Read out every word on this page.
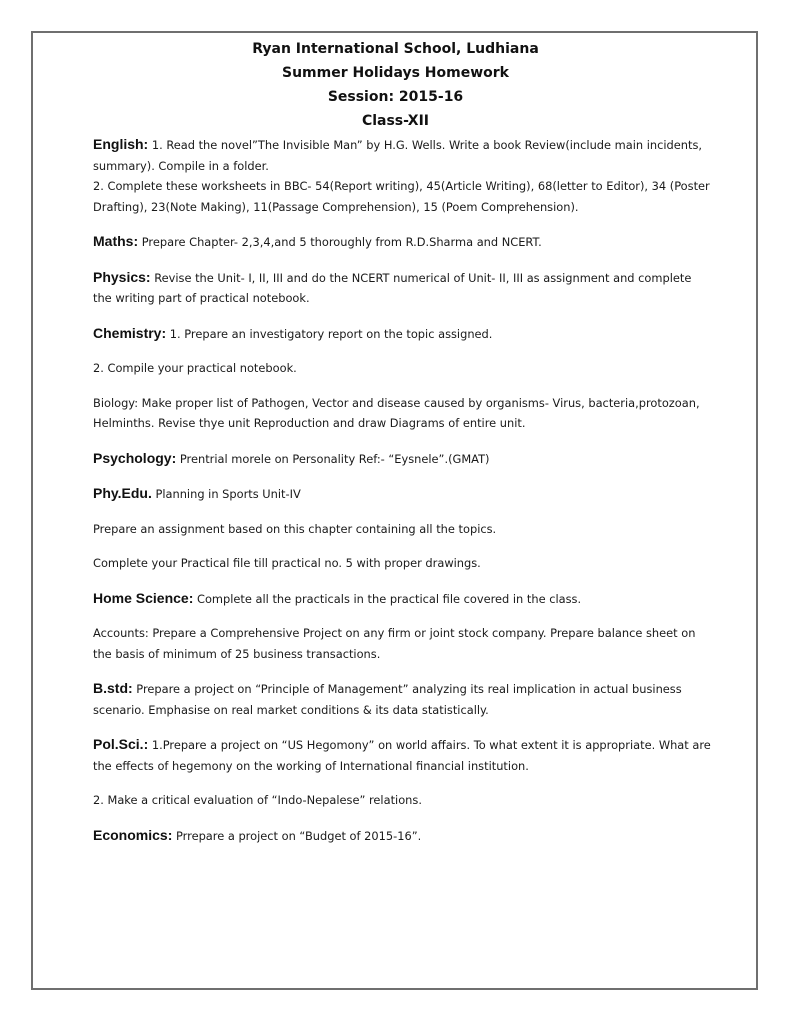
Ryan International School, Ludhiana
Summer Holidays Homework
Session: 2015-16
Class-XII

English: 1. Read the novel”The Invisible Man” by H.G. Wells. Write a book Review(include main incidents, summary). Compile in a folder.

2. Complete these worksheets in BBC- 54(Report writing), 45(Article Writing), 68(letter to Editor), 34 (Poster Drafting), 23(Note Making), 11(Passage Comprehension), 15 (Poem Comprehension).

Maths: Prepare Chapter- 2,3,4,and 5 thoroughly from R.D.Sharma and NCERT.

Physics: Revise the Unit- I, II, III and do the NCERT numerical of Unit- II, III as assignment and complete the writing part of practical notebook.

Chemistry: 1. Prepare an investigatory report on the topic assigned.

2. Compile your practical notebook.

Biology: Make proper list of Pathogen, Vector and disease caused by organisms- Virus, bacteria,protozoan, Helminths. Revise thye unit Reproduction and draw Diagrams of entire unit.

Psychology: Prentrial morele on Personality Ref:- “Eysnele”.(GMAT)

Phy.Edu. Planning in Sports Unit-IV

Prepare an assignment based on this chapter containing all the topics.

Complete your Practical file till practical no. 5 with proper drawings.

Home Science: Complete all the practicals in the practical file covered in the class.

Accounts: Prepare a Comprehensive Project on any firm or joint stock company. Prepare balance sheet on the basis of minimum of 25 business transactions.

B.std: Prepare a project on “Principle of Management” analyzing its real implication in actual business scenario. Emphasise on real market conditions & its data statistically.

Pol.Sci.: 1.Prepare a project on “US Hegomony” on world affairs. To what extent it is appropriate. What are the effects of hegemony on the working of International financial institution.

2. Make a critical evaluation of “Indo-Nepalese” relations.

Economics: Prrepare a project on “Budget of 2015-16”.
